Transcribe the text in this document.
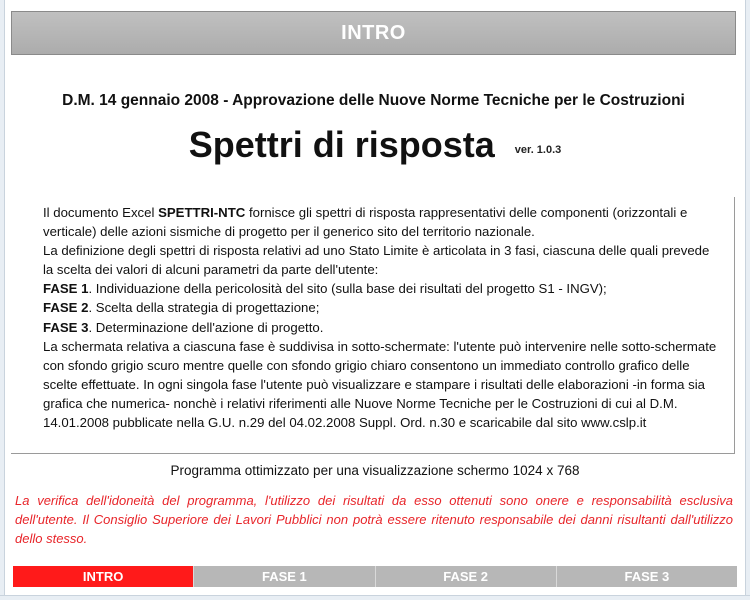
INTRO
D.M. 14 gennaio 2008 - Approvazione delle Nuove Norme Tecniche per le Costruzioni
Spettri di risposta $^{ver. 1.0.3}$

Il documento Excel SPETTRI-NTC fornisce gli spettri di risposta rappresentativi delle componenti (orizzontali e verticale) delle azioni sismiche di progetto per il generico sito del territorio nazionale.

La definizione degli spettri di risposta relativi ad uno Stato Limite è articolata in 3 fasi, ciascuna delle quali prevede la scelta dei valori di alcuni parametri da parte dell'utente:

FASE 1. Individuazione della pericolosità del sito (sulla base dei risultati del progetto S1 - INGV);

FASE 2. Scelta della strategia di progettazione;

FASE 3. Determinazione dell'azione di progetto.

La schermata relativa a ciascuna fase è suddivisa in sotto-schermate: l'utente può intervenire nelle sotto-schermate con sfondo grigio scuro mentre quelle con sfondo grigio chiaro consentono un immediato controllo grafico delle scelte effettuate. In ogni singola fase l'utente può visualizzare e stampare i risultati delle elaborazioni -in forma sia grafica che numerica- nonchè i relativi riferimenti alle Nuove Norme Tecniche per le Costruzioni di cui al D.M. 14.01.2008 pubblicate nella G.U. n.29 del 04.02.2008 Suppl. Ord. n.30 e scaricabile dal sito www.cslp.it

Programma ottimizzato per una visualizzazione schermo 1024 x 768
La verifica dell'idoneità del programma, l'utilizzo dei risultati da esso ottenuti sono onere e responsabilità esclusiva dell'utente. Il Consiglio Superiore dei Lavori Pubblici non potrà essere ritenuto responsabile dei danni risultanti dall'utilizzo dello stesso.
INTRO	FASE 1	FASE 2	FASE 3
